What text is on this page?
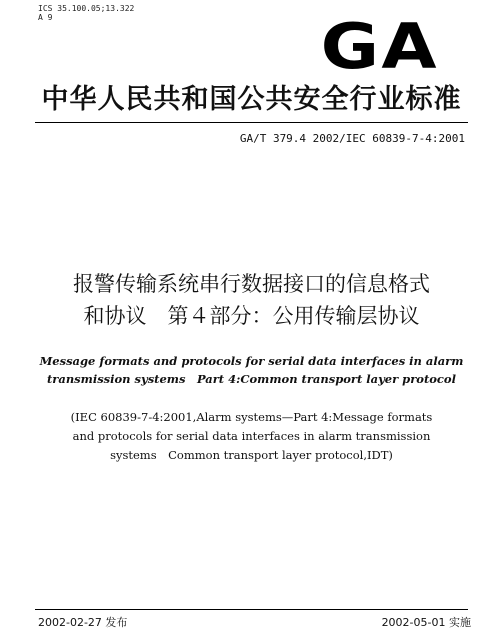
ICS 35.100.05;13.322
A 9	GA
中华人民共和国公共安全行业标准
GA/T 379.4 2002/IEC 60839-7-4:2001
报警传输系统串行数据接口的信息格式
和协议　第４部分：公用传输层协议
Message formats and protocols for serial data interfaces in alarm
transmission systems　Part 4:Common transport layer protocol
(IEC 60839-7-4:2001,Alarm systems—Part 4:Message formats
and protocols for serial data interfaces in alarm transmission
systems　Common transport layer protocol,IDT)
2002-02-27 发布	2002-05-01 实施
